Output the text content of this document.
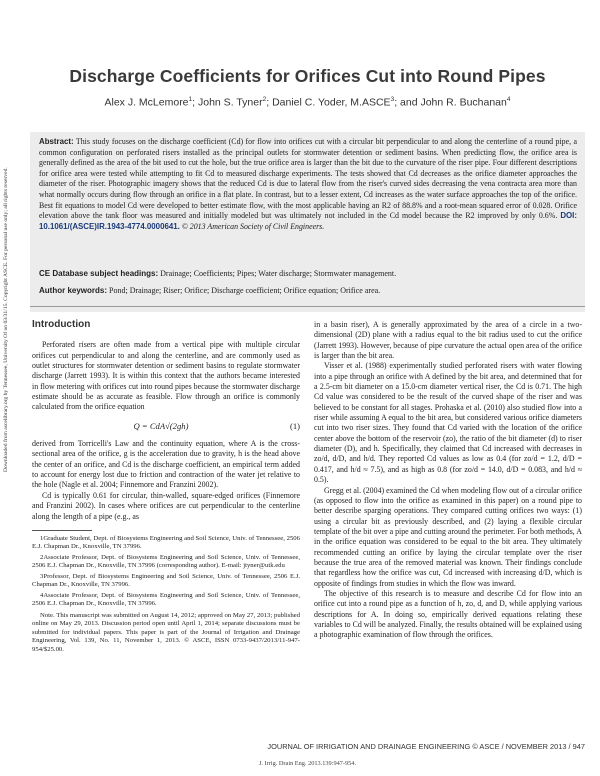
Downloaded from ascelibrary.org by Tennessee, University Of on 03/31/15. Copyright ASCE. For personal use only; all rights reserved.
Discharge Coefficients for Orifices Cut into Round Pipes
Alex J. McLemore$^1$; John S. Tyner$^2$; Daniel C. Yoder, M.ASCE$^3$; and John R. Buchanan$^4$
Abstract: This study focuses on the discharge coefficient (Cd) for flow into orifices cut with a circular bit perpendicular to and along the centerline of a round pipe, a common configuration on perforated risers installed as the principal outlets for stormwater detention or sediment basins. When predicting flow, the orifice area is generally defined as the area of the bit used to cut the hole, but the true orifice area is larger than the bit due to the curvature of the riser pipe. Four different descriptions for orifice area were tested while attempting to fit Cd to measured discharge experiments. The tests showed that Cd decreases as the orifice diameter approaches the diameter of the riser. Photographic imagery shows that the reduced Cd is due to lateral flow from the riser's curved sides decreasing the vena contracta area more than what normally occurs during flow through an orifice in a flat plate. In contrast, but to a lesser extent, Cd increases as the water surface approaches the top of the orifice. Best fit equations to model Cd were developed to better estimate flow, with the most applicable having an R2 of 88.8% and a root-mean squared error of 0.028. Orifice elevation above the tank floor was measured and initially modeled but was ultimately not included in the Cd model because the R2 improved by only 0.6%. DOI: 10.1061/(ASCE)IR.1943-4774.0000641. © 2013 American Society of Civil Engineers.
CE Database subject headings: Drainage; Coefficients; Pipes; Water discharge; Stormwater management.
Author keywords: Pond; Drainage; Riser; Orifice; Discharge coefficient; Orifice equation; Orifice area.
Introduction

Perforated risers are often made from a vertical pipe with multiple circular orifices cut perpendicular to and along the centerline, and are commonly used as outlet structures for stormwater detention or sediment basins to regulate stormwater discharge (Jarrett 1993). It is within this context that the authors became interested in flow metering with orifices cut into round pipes because the stormwater discharge estimate should be as accurate as feasible. Flow through an orifice is commonly calculated from the orifice equation

Q = CdA√(2gh)	(1)

derived from Torricelli's Law and the continuity equation, where A is the cross-sectional area of the orifice, g is the acceleration due to gravity, h is the head above the center of an orifice, and Cd is the discharge coefficient, an empirical term added to account for energy lost due to friction and contraction of the water jet relative to the hole (Nagle et al. 2004; Finnemore and Franzini 2002).

Cd is typically 0.61 for circular, thin-walled, square-edged orifices (Finnemore and Franzini 2002). In cases where orifices are cut perpendicular to the centerline along the length of a pipe (e.g., as

1Graduate Student, Dept. of Biosystems Engineering and Soil Science, Univ. of Tennessee, 2506 E.J. Chapman Dr., Knoxville, TN 37996.

2Associate Professor, Dept. of Biosystems Engineering and Soil Science, Univ. of Tennessee, 2506 E.J. Chapman Dr., Knoxville, TN 37996 (corresponding author). E-mail: jtyner@utk.edu

3Professor, Dept. of Biosystems Engineering and Soil Science, Univ. of Tennessee, 2506 E.J. Chapman Dr., Knoxville, TN 37996.

4Associate Professor, Dept. of Biosystems Engineering and Soil Science, Univ. of Tennessee, 2506 E.J. Chapman Dr., Knoxville, TN 37996.

Note. This manuscript was submitted on August 14, 2012; approved on May 27, 2013; published online on May 29, 2013. Discussion period open until April 1, 2014; separate discussions must be submitted for individual papers. This paper is part of the Journal of Irrigation and Drainage Engineering, Vol. 139, No. 11, November 1, 2013. © ASCE, ISSN 0733-9437/2013/11-947-954/$25.00.

in a basin riser), A is generally approximated by the area of a circle in a two-dimensional (2D) plane with a radius equal to the bit radius used to cut the orifice (Jarrett 1993). However, because of pipe curvature the actual open area of the orifice is larger than the bit area.

Visser et al. (1988) experimentally studied perforated risers with water flowing into a pipe through an orifice with A defined by the bit area, and determined that for a 2.5-cm bit diameter on a 15.0-cm diameter vertical riser, the Cd is 0.71. The high Cd value was considered to be the result of the curved shape of the riser and was believed to be constant for all stages. Prohaska et al. (2010) also studied flow into a riser while assuming A equal to the bit area, but considered various orifice diameters cut into two riser sizes. They found that Cd varied with the location of the orifice center above the bottom of the reservoir (zo), the ratio of the bit diameter (d) to riser diameter (D), and h. Specifically, they claimed that Cd increased with decreases in zo/d, d/D, and h/d. They reported Cd values as low as 0.4 (for zo/d = 1.2, d/D = 0.417, and h/d ≈ 7.5), and as high as 0.8 (for zo/d = 14.0, d/D = 0.083, and h/d ≈ 0.5).

Gregg et al. (2004) examined the Cd when modeling flow out of a circular orifice (as opposed to flow into the orifice as examined in this paper) on a round pipe to better describe sparging operations. They compared cutting orifices two ways: (1) using a circular bit as previously described, and (2) laying a flexible circular template of the bit over a pipe and cutting around the perimeter. For both methods, A in the orifice equation was considered to be equal to the bit area. They ultimately recommended cutting an orifice by laying the circular template over the riser because the true area of the removed material was known. Their findings conclude that regardless how the orifice was cut, Cd increased with increasing d/D, which is opposite of findings from studies in which the flow was inward.

The objective of this research is to measure and describe Cd for flow into an orifice cut into a round pipe as a function of h, zo, d, and D, while applying various descriptions for A. In doing so, empirically derived equations relating these variables to Cd will be analyzed. Finally, the results obtained will be explained using a photographic examination of flow through the orifices.

JOURNAL OF IRRIGATION AND DRAINAGE ENGINEERING © ASCE / NOVEMBER 2013 / 947
J. Irrig. Drain Eng. 2013.139:947-954.
